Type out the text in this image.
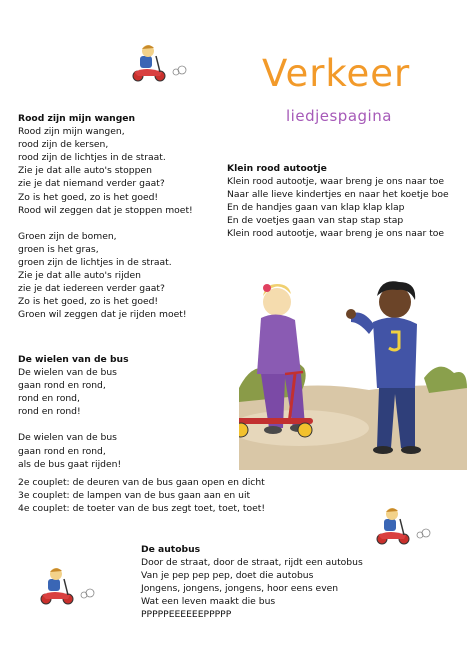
Verkeer
liedjespagina
Rood zijn mijn wangen
Rood zijn mijn wangen,
rood zijn de kersen,
rood zijn de lichtjes in de straat.
Zie je dat alle auto's stoppen
zie je dat niemand verder gaat?
Zo is het goed, zo is het goed!
Rood wil zeggen dat je stoppen moet!
Groen zijn de bomen,
groen is het gras,
groen zijn de lichtjes in de straat.
Zie je dat alle auto's rijden
zie je dat iedereen verder gaat?
Zo is het goed, zo is het goed!
Groen wil zeggen dat je rijden moet!
Klein rood autootje
Klein rood autootje, waar breng je ons naar toe
Naar alle lieve kindertjes en naar het koetje boe
En de handjes gaan van klap klap klap
En de voetjes gaan van stap stap stap
Klein rood autootje, waar breng je ons naar toe
De wielen van de bus
De wielen van de bus
gaan rond en rond,
rond en rond,
rond en rond!
De wielen van de bus
gaan rond en rond,
als de bus gaat rijden!
2e couplet: de deuren van de bus gaan open en dicht
3e couplet: de lampen van de bus gaan aan en uit
4e couplet: de toeter van de bus zegt toet, toet, toet!
De autobus
Door de straat, door de straat, rijdt een autobus
Van je pep pep pep, doet die autobus
Jongens, jongens, jongens, hoor eens even
Wat een leven maakt die bus
PPPPPEEEEEEPPPPP
